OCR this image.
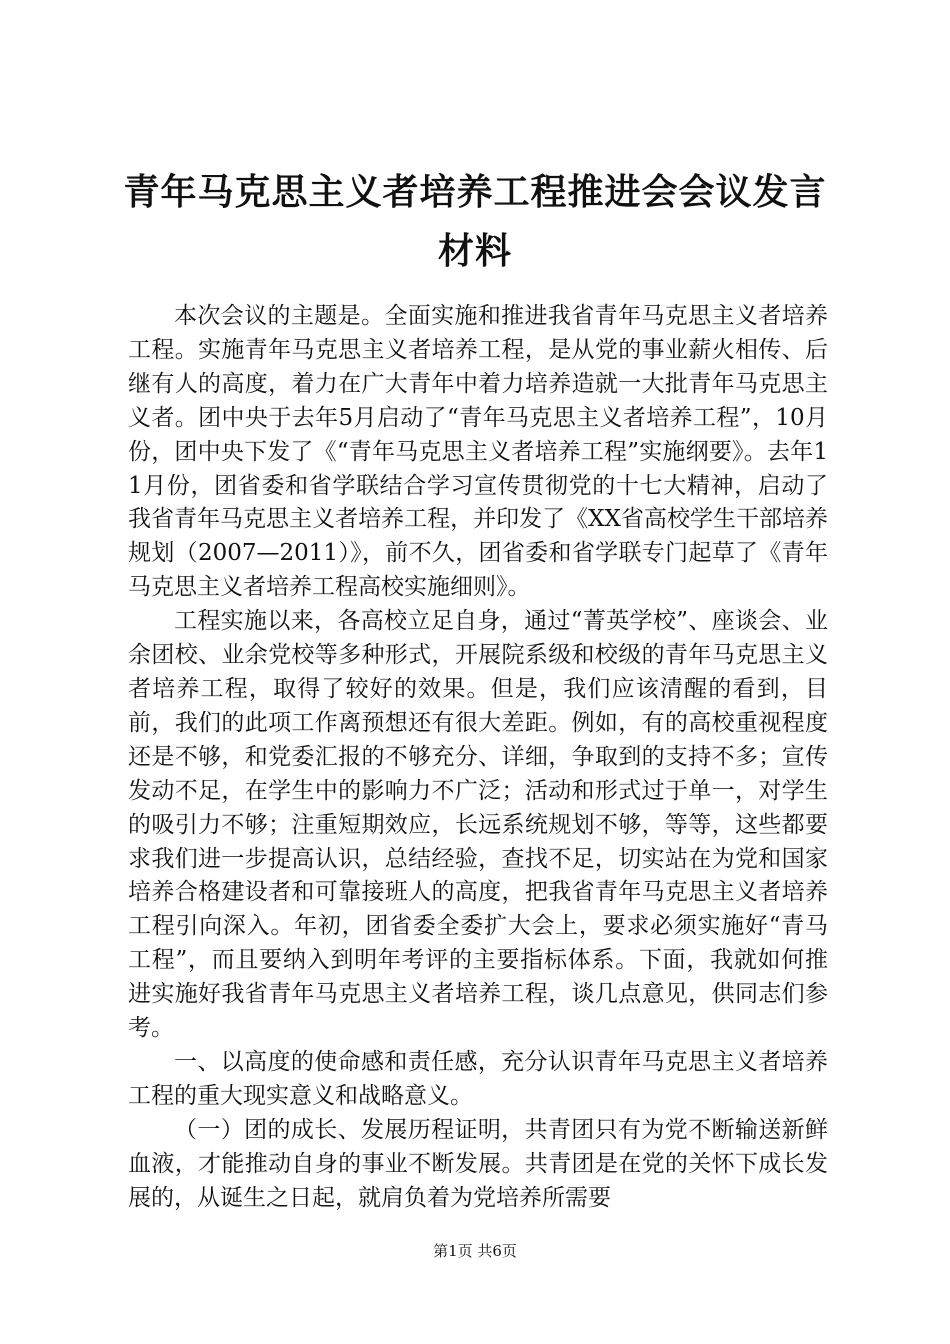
青年马克思主义者培养工程推进会会议发言材料

本次会议的主题是。全面实施和推进我省青年马克思主义者培养工程。实施青年马克思主义者培养工程，是从党的事业薪火相传、后继有人的高度，着力在广大青年中着力培养造就一大批青年马克思主义者。团中央于去年5月启动了“青年马克思主义者培养工程”，10月份，团中央下发了《“青年马克思主义者培养工程”实施纲要》。去年11月份，团省委和省学联结合学习宣传贯彻党的十七大精神，启动了我省青年马克思主义者培养工程，并印发了《XX省高校学生干部培养规划（2007—2011）》，前不久，团省委和省学联专门起草了《青年马克思主义者培养工程高校实施细则》。

工程实施以来，各高校立足自身，通过“菁英学校”、座谈会、业余团校、业余党校等多种形式，开展院系级和校级的青年马克思主义者培养工程，取得了较好的效果。但是，我们应该清醒的看到，目前，我们的此项工作离预想还有很大差距。例如，有的高校重视程度还是不够，和党委汇报的不够充分、详细，争取到的支持不多；宣传发动不足，在学生中的影响力不广泛；活动和形式过于单一，对学生的吸引力不够；注重短期效应，长远系统规划不够，等等，这些都要求我们进一步提高认识，总结经验，查找不足，切实站在为党和国家培养合格建设者和可靠接班人的高度，把我省青年马克思主义者培养工程引向深入。年初，团省委全委扩大会上，要求必须实施好“青马工程”，而且要纳入到明年考评的主要指标体系。下面，我就如何推进实施好我省青年马克思主义者培养工程，谈几点意见，供同志们参考。

一、以高度的使命感和责任感，充分认识青年马克思主义者培养工程的重大现实意义和战略意义。

（一）团的成长、发展历程证明，共青团只有为党不断输送新鲜血液，才能推动自身的事业不断发展。共青团是在党的关怀下成长发展的，从诞生之日起，就肩负着为党培养所需要

第1页 共6页
